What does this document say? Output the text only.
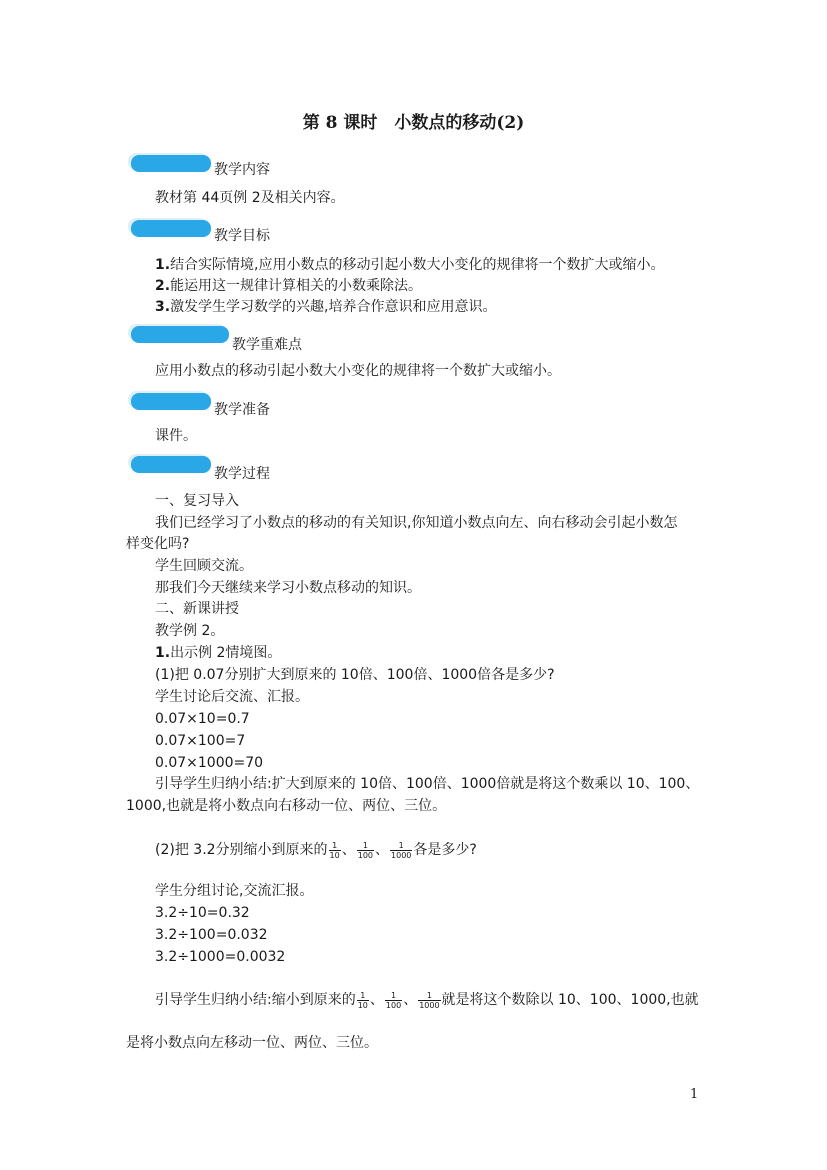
第 8 课时　小数点的移动(2)
教学内容
教材第 44页例 2及相关内容。
教学目标
1.结合实际情境,应用小数点的移动引起小数大小变化的规律将一个数扩大或缩小。
2.能运用这一规律计算相关的小数乘除法。
3.激发学生学习数学的兴趣,培养合作意识和应用意识。
教学重难点
应用小数点的移动引起小数大小变化的规律将一个数扩大或缩小。
教学准备
课件。
教学过程
一、复习导入
我们已经学习了小数点的移动的有关知识,你知道小数点向左、向右移动会引起小数怎
样变化吗?
学生回顾交流。
那我们今天继续来学习小数点移动的知识。
二、新课讲授
教学例 2。
1.出示例 2情境图。
(1)把 0.07分别扩大到原来的 10倍、100倍、1000倍各是多少?
学生讨论后交流、汇报。
0.07×10=0.7
0.07×100=7
0.07×1000=70
引导学生归纳小结:扩大到原来的 10倍、100倍、1000倍就是将这个数乘以 10、100、
1000,也就是将小数点向右移动一位、两位、三位。
(2)把 3.2分别缩小到原来的 $\frac{1}{10}$ 、 $\frac{1}{100}$ 、 $\frac{1}{1000}$ 各是多少?
学生分组讨论,交流汇报。
3.2÷10=0.32
3.2÷100=0.032
3.2÷1000=0.0032
引导学生归纳小结:缩小到原来的 $\frac{1}{10}$ 、 $\frac{1}{100}$ 、 $\frac{1}{1000}$ 就是将这个数除以 10、100、1000,也就
是将小数点向左移动一位、两位、三位。
1
